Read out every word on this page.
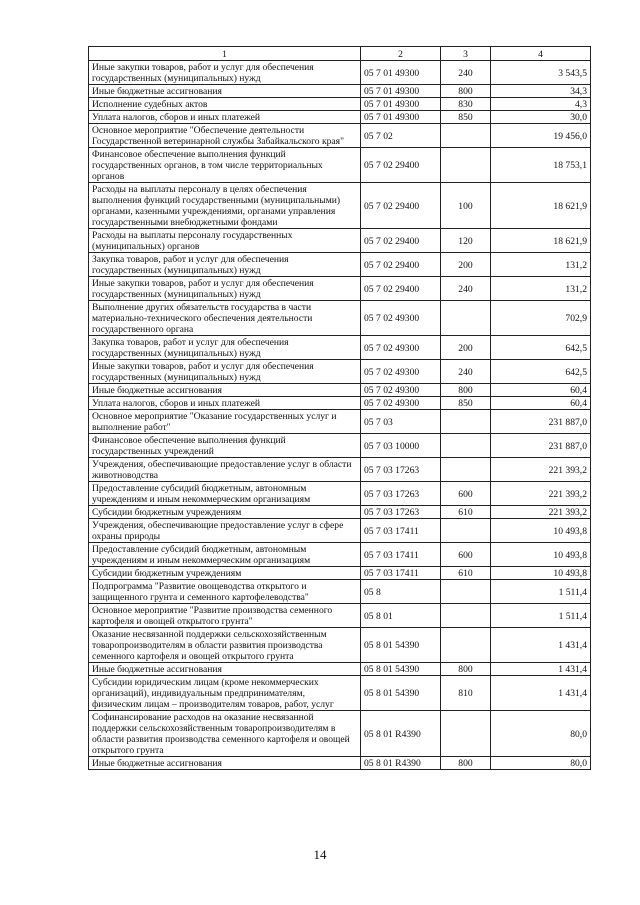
1	2	3	4
Иные закупки товаров, работ и услуг для обеспечения государственных (муниципальных) нужд	05 7 01 49300	240	3 543,5
Иные бюджетные ассигнования	05 7 01 49300	800	34,3
Исполнение судебных актов	05 7 01 49300	830	4,3
Уплата налогов, сборов и иных платежей	05 7 01 49300	850	30,0
Основное мероприятие "Обеспечение деятельности Государственной ветеринарной службы Забайкальского края"	05 7 02		19 456,0
Финансовое обеспечение выполнения функций государственных органов, в том числе территориальных органов	05 7 02 29400		18 753,1
Расходы на выплаты персоналу в целях обеспечения выполнения функций государственными (муниципальными) органами, казенными учреждениями, органами управления государственными внебюджетными фондами	05 7 02 29400	100	18 621,9
Расходы на выплаты персоналу государственных (муниципальных) органов	05 7 02 29400	120	18 621,9
Закупка товаров, работ и услуг для обеспечения государственных (муниципальных) нужд	05 7 02 29400	200	131,2
Иные закупки товаров, работ и услуг для обеспечения государственных (муниципальных) нужд	05 7 02 29400	240	131,2
Выполнение других обязательств государства в части материально-технического обеспечения деятельности государственного органа	05 7 02 49300		702,9
Закупка товаров, работ и услуг для обеспечения государственных (муниципальных) нужд	05 7 02 49300	200	642,5
Иные закупки товаров, работ и услуг для обеспечения государственных (муниципальных) нужд	05 7 02 49300	240	642,5
Иные бюджетные ассигнования	05 7 02 49300	800	60,4
Уплата налогов, сборов и иных платежей	05 7 02 49300	850	60,4
Основное мероприятие "Оказание государственных услуг и выполнение работ"	05 7 03		231 887,0
Финансовое обеспечение выполнения функций государственных учреждений	05 7 03 10000		231 887,0
Учреждения, обеспечивающие предоставление услуг в области животноводства	05 7 03 17263		221 393,2
Предоставление субсидий бюджетным, автономным учреждениям и иным некоммерческим организациям	05 7 03 17263	600	221 393,2
Субсидии бюджетным учреждениям	05 7 03 17263	610	221 393,2
Учреждения, обеспечивающие предоставление услуг в сфере охраны природы	05 7 03 17411		10 493,8
Предоставление субсидий бюджетным, автономным учреждениям и иным некоммерческим организациям	05 7 03 17411	600	10 493,8
Субсидии бюджетным учреждениям	05 7 03 17411	610	10 493,8
Подпрограмма "Развитие овощеводства открытого и защищенного грунта и семенного картофелеводства"	05 8		1 511,4
Основное мероприятие "Развитие производства семенного картофеля и овощей открытого грунта"	05 8 01		1 511,4
Оказание несвязанной поддержки сельскохозяйственным товаропроизводителям в области развития производства семенного картофеля и овощей открытого грунта	05 8 01 54390		1 431,4
Иные бюджетные ассигнования	05 8 01 54390	800	1 431,4
Субсидии юридическим лицам (кроме некоммерческих организаций), индивидуальным предпринимателям, физическим лицам – производителям товаров, работ, услуг	05 8 01 54390	810	1 431,4
Софинансирование расходов на оказание несвязанной поддержки сельскохозяйственным товаропроизводителям в области развития производства семенного картофеля и овощей открытого грунта	05 8 01 R4390		80,0
Иные бюджетные ассигнования	05 8 01 R4390	800	80,0
14
